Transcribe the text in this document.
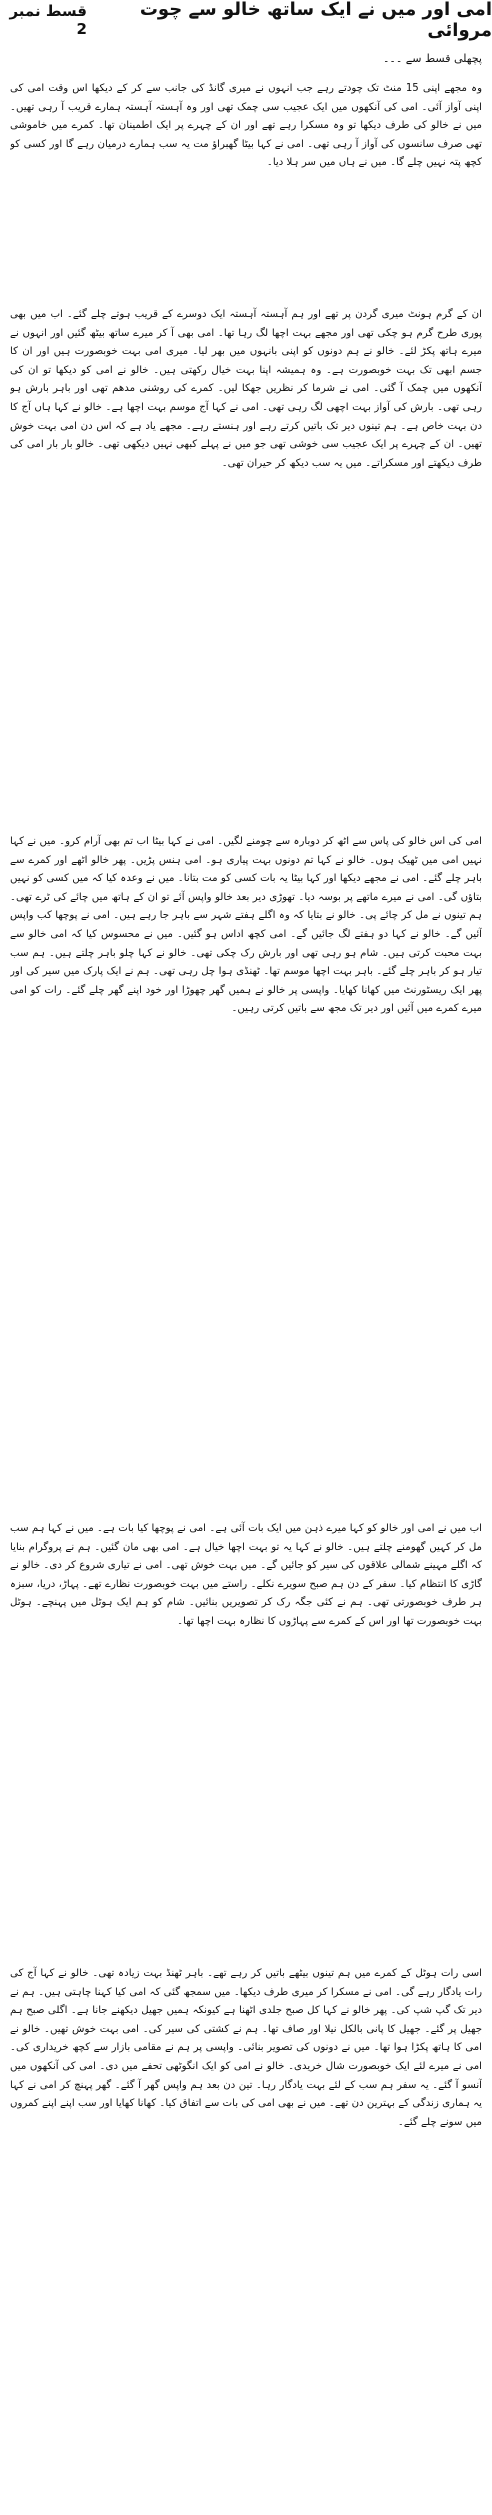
امی اور میں نے ایک ساتھ خالو سے چوت مروائی
قسط نمبر 2
پچھلی قسط سے ۔۔۔
وہ مجھے اپنی 15 منٹ تک چودتے رہے جب انہوں نے میری گانڈ کی جانب سے کر کے دیکھا اس وقت امی کی اپنی آواز آئی۔ امی کی آنکھوں میں ایک عجیب سی چمک تھی اور وہ آہستہ آہستہ ہمارے قریب آ رہی تھیں۔ میں نے خالو کی طرف دیکھا تو وہ مسکرا رہے تھے اور ان کے چہرے پر ایک اطمینان تھا۔ کمرے میں خاموشی تھی صرف سانسوں کی آواز آ رہی تھی۔ امی نے کہا بیٹا گھبراؤ مت یہ سب ہمارے درمیان رہے گا اور کسی کو کچھ پتہ نہیں چلے گا۔ میں نے ہاں میں سر ہلا دیا۔
ان کے گرم ہونٹ میری گردن پر تھے اور ہم آہستہ آہستہ ایک دوسرے کے قریب ہوتے چلے گئے۔ اب میں بھی پوری طرح گرم ہو چکی تھی اور مجھے بہت اچھا لگ رہا تھا۔ امی بھی آ کر میرے ساتھ بیٹھ گئیں اور انہوں نے میرے ہاتھ پکڑ لئے۔ خالو نے ہم دونوں کو اپنی بانہوں میں بھر لیا۔ میری امی بہت خوبصورت ہیں اور ان کا جسم ابھی تک بہت خوبصورت ہے۔ وہ ہمیشہ اپنا بہت خیال رکھتی ہیں۔ خالو نے امی کو دیکھا تو ان کی آنکھوں میں چمک آ گئی۔ امی نے شرما کر نظریں جھکا لیں۔ کمرے کی روشنی مدھم تھی اور باہر بارش ہو رہی تھی۔ بارش کی آواز بہت اچھی لگ رہی تھی۔ امی نے کہا آج موسم بہت اچھا ہے۔ خالو نے کہا ہاں آج کا دن بہت خاص ہے۔ ہم تینوں دیر تک باتیں کرتے رہے اور ہنستے رہے۔ مجھے یاد ہے کہ اس دن امی بہت خوش تھیں۔ ان کے چہرے پر ایک عجیب سی خوشی تھی جو میں نے پہلے کبھی نہیں دیکھی تھی۔ خالو بار بار امی کی طرف دیکھتے اور مسکراتے۔ میں یہ سب دیکھ کر حیران تھی۔
امی کی اس خالو کی پاس سے اٹھ کر دوبارہ سے چومنے لگیں۔ امی نے کہا بیٹا اب تم بھی آرام کرو۔ میں نے کہا نہیں امی میں ٹھیک ہوں۔ خالو نے کہا تم دونوں بہت پیاری ہو۔ امی ہنس پڑیں۔ پھر خالو اٹھے اور کمرے سے باہر چلے گئے۔ امی نے مجھے دیکھا اور کہا بیٹا یہ بات کسی کو مت بتانا۔ میں نے وعدہ کیا کہ میں کسی کو نہیں بتاؤں گی۔ امی نے میرے ماتھے پر بوسہ دیا۔ تھوڑی دیر بعد خالو واپس آئے تو ان کے ہاتھ میں چائے کی ٹرے تھی۔ ہم تینوں نے مل کر چائے پی۔ خالو نے بتایا کہ وہ اگلے ہفتے شہر سے باہر جا رہے ہیں۔ امی نے پوچھا کب واپس آئیں گے۔ خالو نے کہا دو ہفتے لگ جائیں گے۔ امی کچھ اداس ہو گئیں۔ میں نے محسوس کیا کہ امی خالو سے بہت محبت کرتی ہیں۔ شام ہو رہی تھی اور بارش رک چکی تھی۔ خالو نے کہا چلو باہر چلتے ہیں۔ ہم سب تیار ہو کر باہر چلے گئے۔ باہر بہت اچھا موسم تھا۔ ٹھنڈی ہوا چل رہی تھی۔ ہم نے ایک پارک میں سیر کی اور پھر ایک ریسٹورنٹ میں کھانا کھایا۔ واپسی پر خالو نے ہمیں گھر چھوڑا اور خود اپنے گھر چلے گئے۔ رات کو امی میرے کمرے میں آئیں اور دیر تک مجھ سے باتیں کرتی رہیں۔
اب میں نے امی اور خالو کو کہا میرے ذہن میں ایک بات آئی ہے۔ امی نے پوچھا کیا بات ہے۔ میں نے کہا ہم سب مل کر کہیں گھومنے چلتے ہیں۔ خالو نے کہا یہ تو بہت اچھا خیال ہے۔ امی بھی مان گئیں۔ ہم نے پروگرام بنایا کہ اگلے مہینے شمالی علاقوں کی سیر کو جائیں گے۔ میں بہت خوش تھی۔ امی نے تیاری شروع کر دی۔ خالو نے گاڑی کا انتظام کیا۔ سفر کے دن ہم صبح سویرے نکلے۔ راستے میں بہت خوبصورت نظارے تھے۔ پہاڑ، دریا، سبزہ ہر طرف خوبصورتی تھی۔ ہم نے کئی جگہ رک کر تصویریں بنائیں۔ شام کو ہم ایک ہوٹل میں پہنچے۔ ہوٹل بہت خوبصورت تھا اور اس کے کمرے سے پہاڑوں کا نظارہ بہت اچھا تھا۔
اسی رات ہوٹل کے کمرے میں ہم تینوں بیٹھے باتیں کر رہے تھے۔ باہر ٹھنڈ بہت زیادہ تھی۔ خالو نے کہا آج کی رات یادگار رہے گی۔ امی نے مسکرا کر میری طرف دیکھا۔ میں سمجھ گئی کہ امی کیا کہنا چاہتی ہیں۔ ہم نے دیر تک گپ شپ کی۔ پھر خالو نے کہا کل صبح جلدی اٹھنا ہے کیونکہ ہمیں جھیل دیکھنے جانا ہے۔ اگلی صبح ہم جھیل پر گئے۔ جھیل کا پانی بالکل نیلا اور صاف تھا۔ ہم نے کشتی کی سیر کی۔ امی بہت خوش تھیں۔ خالو نے امی کا ہاتھ پکڑا ہوا تھا۔ میں نے دونوں کی تصویر بنائی۔ واپسی پر ہم نے مقامی بازار سے کچھ خریداری کی۔ امی نے میرے لئے ایک خوبصورت شال خریدی۔ خالو نے امی کو ایک انگوٹھی تحفے میں دی۔ امی کی آنکھوں میں آنسو آ گئے۔ یہ سفر ہم سب کے لئے بہت یادگار رہا۔ تین دن بعد ہم واپس گھر آ گئے۔ گھر پہنچ کر امی نے کہا یہ ہماری زندگی کے بہترین دن تھے۔ میں نے بھی امی کی بات سے اتفاق کیا۔ کھانا کھایا اور سب اپنے اپنے کمروں میں سونے چلے گئے۔
